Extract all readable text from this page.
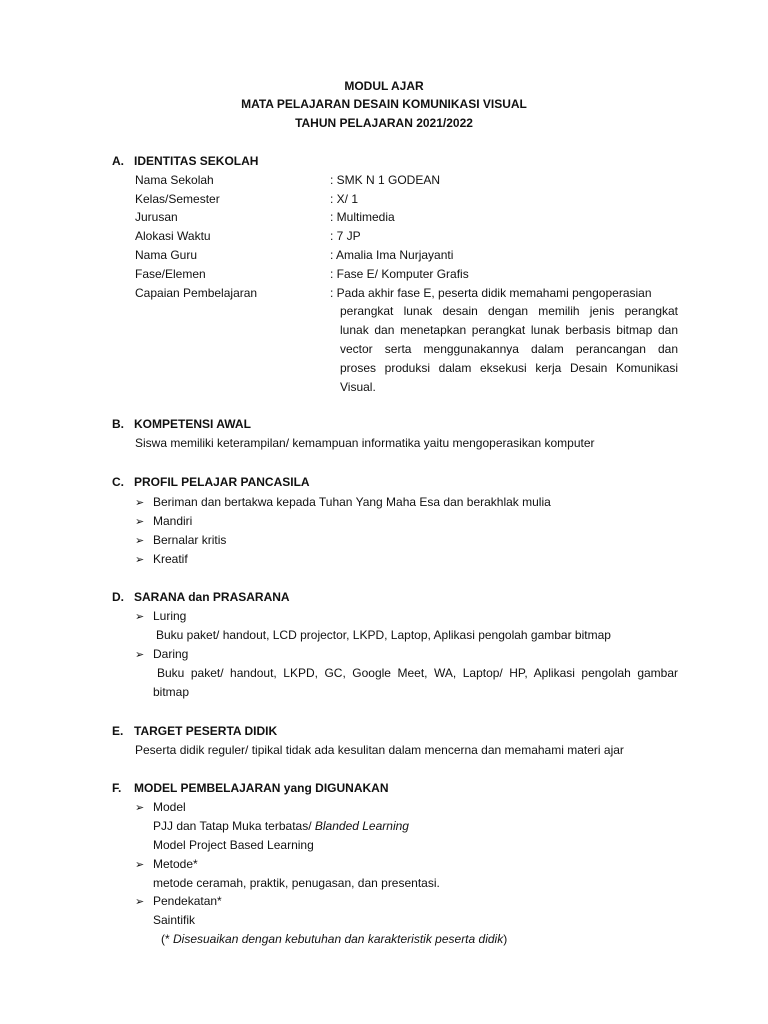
MODUL AJAR
MATA PELAJARAN DESAIN KOMUNIKASI VISUAL
TAHUN PELAJARAN 2021/2022
A. IDENTITAS SEKOLAH
Nama Sekolah	: SMK N 1 GODEAN
Kelas/Semester	: X/ 1
Jurusan	: Multimedia
Alokasi Waktu	: 7 JP
Nama Guru	: Amalia Ima Nurjayanti
Fase/Elemen	: Fase E/ Komputer Grafis
Capaian Pembelajaran	: Pada akhir fase E, peserta didik memahami pengoperasian
perangkat lunak desain dengan memilih jenis perangkat
lunak dan menetapkan perangkat lunak berbasis bitmap dan
vector serta menggunakannya dalam perancangan dan
proses produksi dalam eksekusi kerja Desain Komunikasi
Visual.
B. KOMPETENSI AWAL
Siswa memiliki keterampilan/ kemampuan informatika yaitu mengoperasikan komputer
C. PROFIL PELAJAR PANCASILA
➢ Beriman dan bertakwa kepada Tuhan Yang Maha Esa dan berakhlak mulia
➢ Mandiri
➢ Bernalar kritis
➢ Kreatif
D. SARANA dan PRASARANA
➢ Luring
Buku paket/ handout, LCD projector, LKPD, Laptop, Aplikasi pengolah gambar bitmap
➢ Daring
Buku paket/ handout, LKPD, GC, Google Meet, WA, Laptop/ HP, Aplikasi pengolah gambar
bitmap
E. TARGET PESERTA DIDIK
Peserta didik reguler/ tipikal tidak ada kesulitan dalam mencerna dan memahami materi ajar
F. MODEL PEMBELAJARAN yang DIGUNAKAN
➢ Model
PJJ dan Tatap Muka terbatas/ Blanded Learning
Model Project Based Learning
➢ Metode*
metode ceramah, praktik, penugasan, dan presentasi.
➢ Pendekatan*
Saintifik
(* Disesuaikan dengan kebutuhan dan karakteristik peserta didik)
